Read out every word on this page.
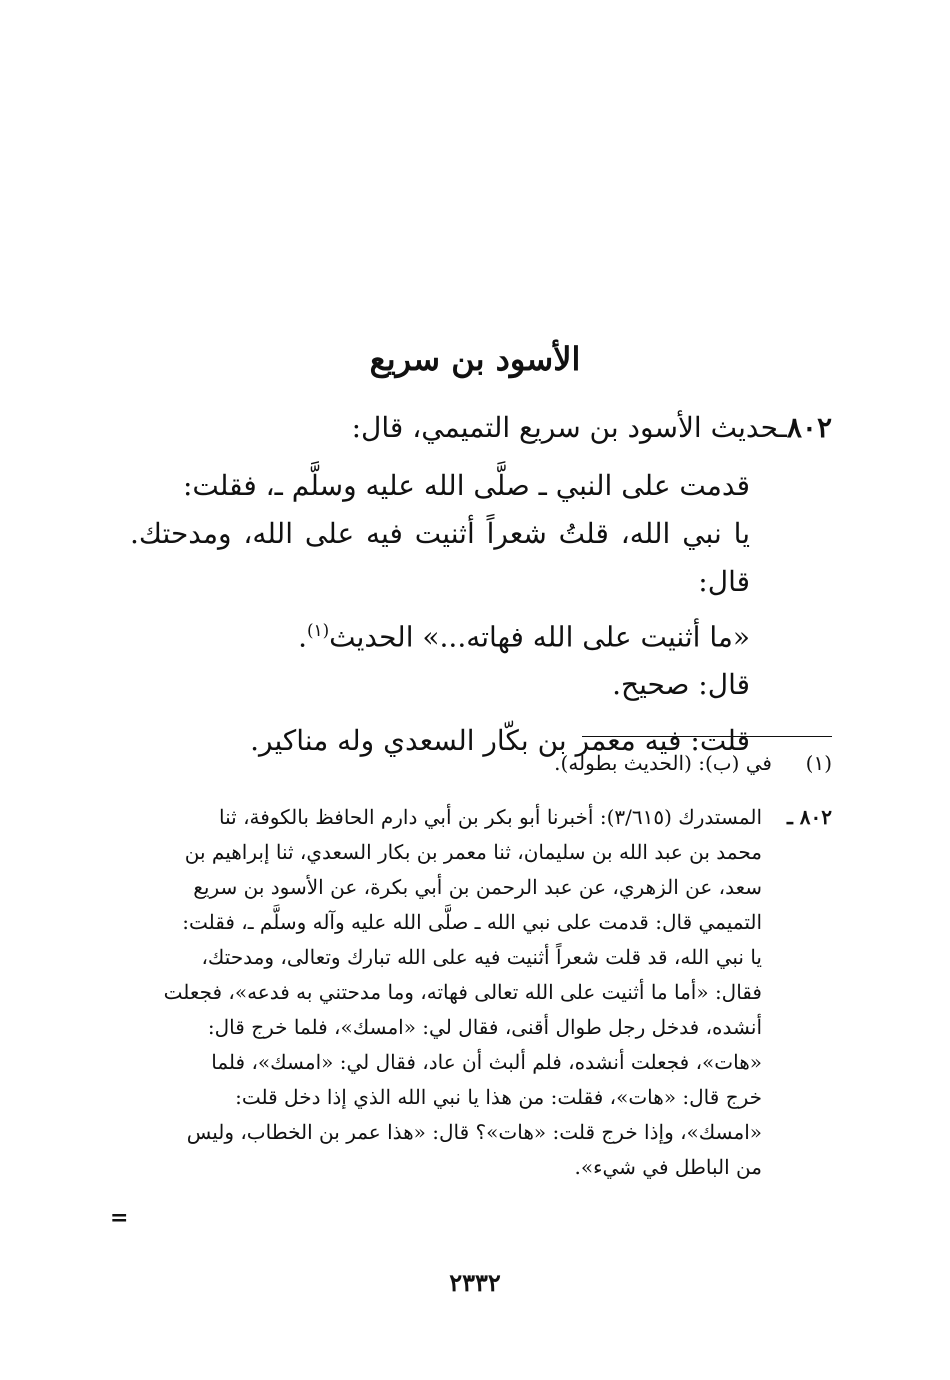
الأسود بن سريع
٨٠٢ـحديث الأسود بن سريع التميمي، قال:

قدمت على النبي ـ صلَّى الله عليه وسلَّم ـ، فقلت:

يا نبي الله، قلتُ شعراً أثنيت فيه على الله، ومدحتك. قال:

«ما أثنيت على الله فهاته...» الحديث$^{(١)}$.

قال: صحيح.

قلت: فيه معمر بن بكّار السعدي وله مناكير.

(١)في (ب): (الحديث بطوله).
٨٠٢ ـ

المستدرك (٣/٦١٥): أخبرنا أبو بكر بن أبي دارم الحافظ بالكوفة، ثنا

محمد بن عبد الله بن سليمان، ثنا معمر بن بكار السعدي، ثنا إبراهيم بن

سعد، عن الزهري، عن عبد الرحمن بن أبي بكرة، عن الأسود بن سريع

التميمي قال: قدمت على نبي الله ـ صلَّى الله عليه وآله وسلَّم ـ، فقلت:

يا نبي الله، قد قلت شعراً أثنيت فيه على الله تبارك وتعالى، ومدحتك،

فقال: «أما ما أثنيت على الله تعالى فهاته، وما مدحتني به فدعه»، فجعلت

أنشده، فدخل رجل طوال أقنى، فقال لي: «امسك»، فلما خرج قال:

«هات»، فجعلت أنشده، فلم ألبث أن عاد، فقال لي: «امسك»، فلما

خرج قال: «هات»، فقلت: من هذا يا نبي الله الذي إذا دخل قلت:

«امسك»، وإذا خرج قلت: «هات»؟ قال: «هذا عمر بن الخطاب، وليس

من الباطل في شيء».

=
٢٣٣٢
